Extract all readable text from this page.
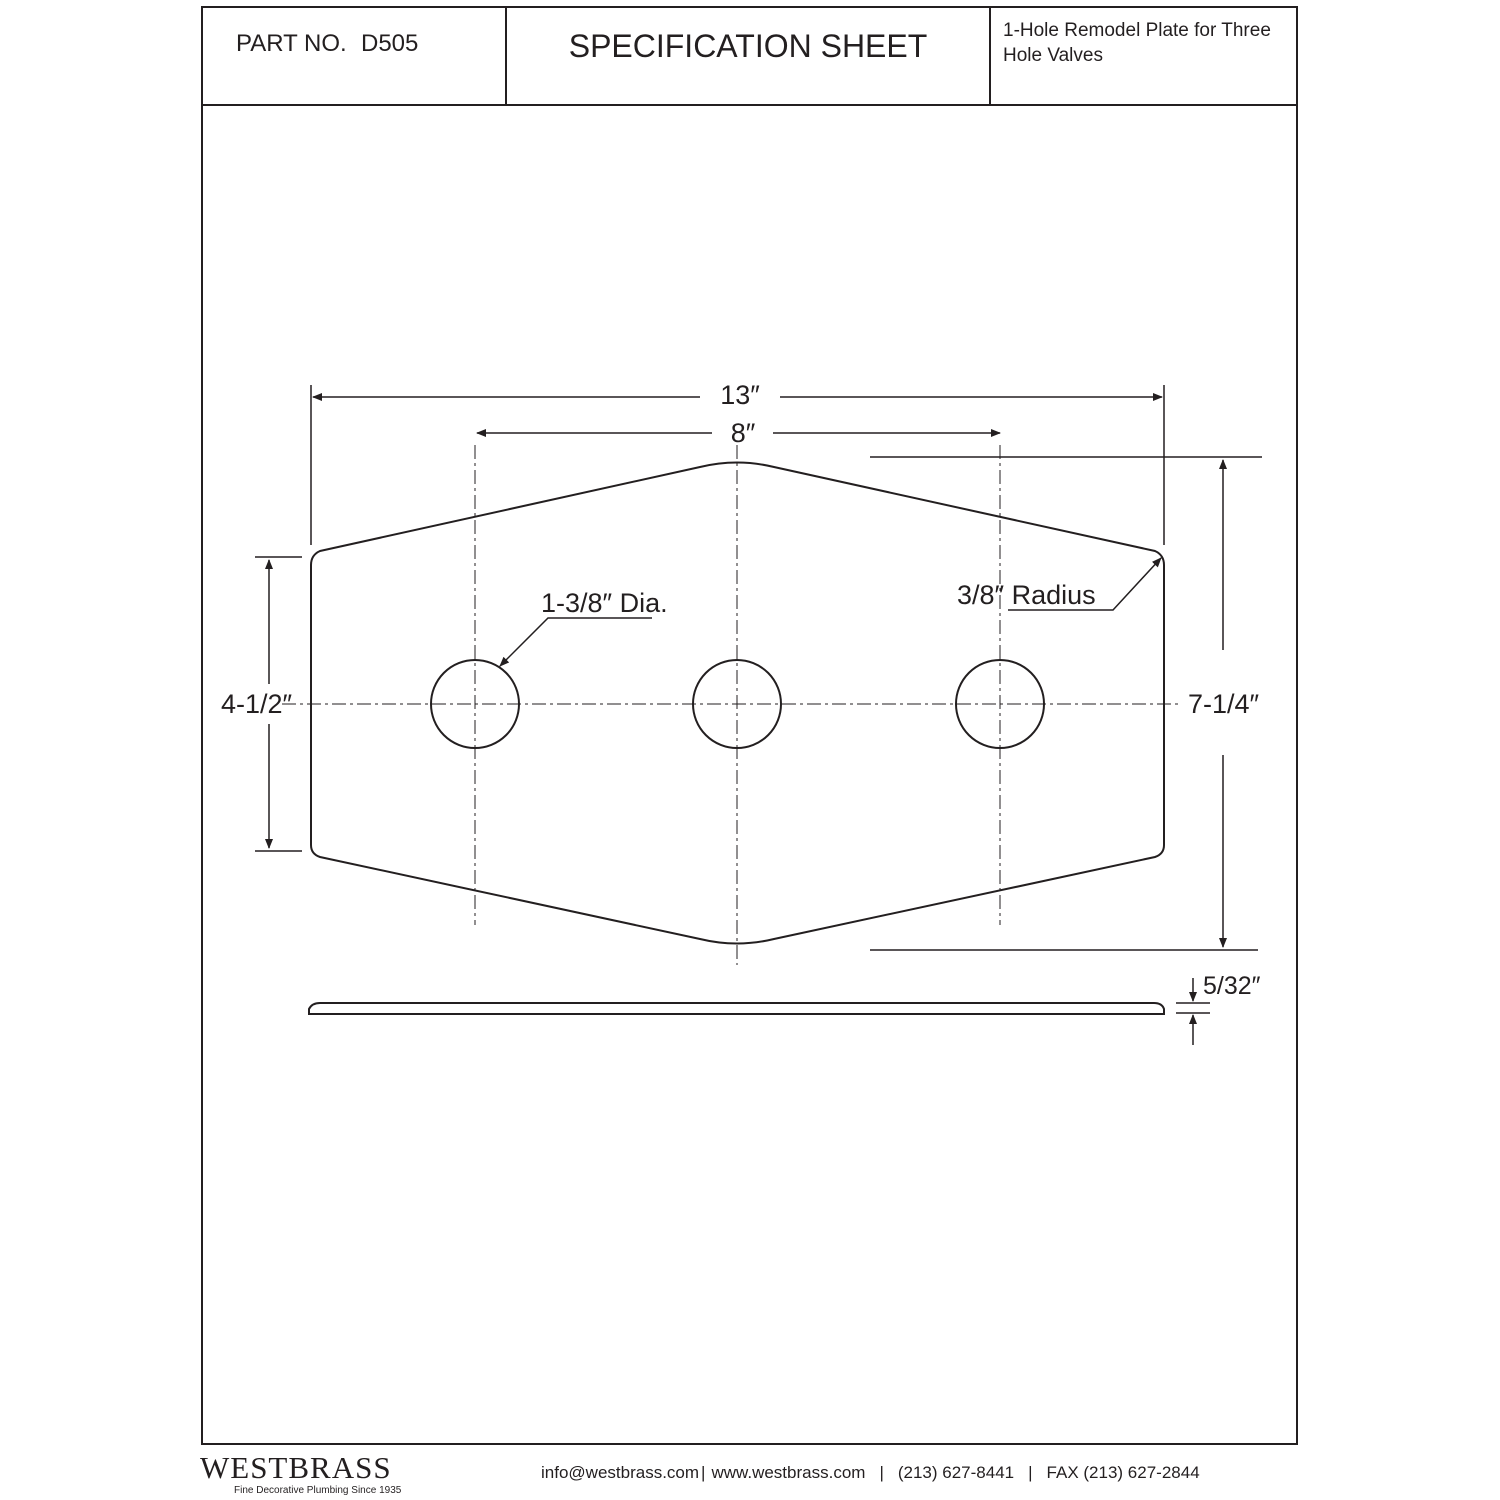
PART NO. D505	SPECIFICATION SHEET	1-Hole Remodel Plate for Three
Hole Valves
13″
8″
1-3/8″ Dia.	3/8″ Radius
4-1/2″	7-1/4″
5/32″
WESTBRASS
Fine Decorative Plumbing Since 1935
info@westbrass.com | www.westbrass.com | (213) 627-8441 | FAX (213) 627-2844
